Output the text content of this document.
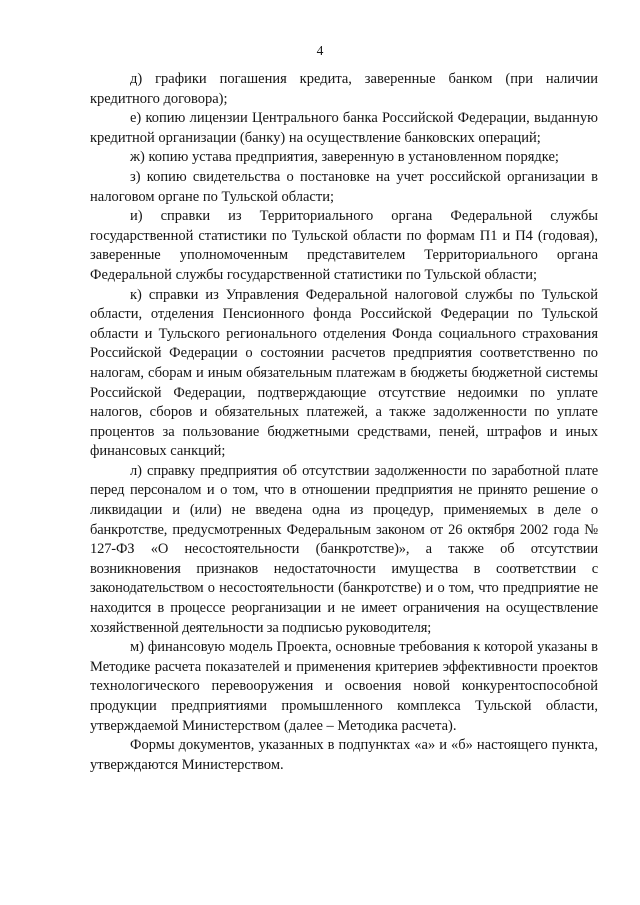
4

д) графики погашения кредита, заверенные банком (при наличии кредитного договора);

е) копию лицензии Центрального банка Российской Федерации, выданную кредитной организации (банку) на осуществление банковских операций;

ж) копию устава предприятия, заверенную в установленном порядке;

з) копию свидетельства о постановке на учет российской организации в налоговом органе по Тульской области;

и) справки из Территориального органа Федеральной службы государственной статистики по Тульской области по формам П1 и П4 (годовая), заверенные уполномоченным представителем Территориального органа Федеральной службы государственной статистики по Тульской области;

к) справки из Управления Федеральной налоговой службы по Тульской области, отделения Пенсионного фонда Российской Федерации по Тульской области и Тульского регионального отделения Фонда социального страхования Российской Федерации о состоянии расчетов предприятия соответственно по налогам, сборам и иным обязательным платежам в бюджеты бюджетной системы Российской Федерации, подтверждающие отсутствие недоимки по уплате налогов, сборов и обязательных платежей, а также задолженности по уплате процентов за пользование бюджетными средствами, пеней, штрафов и иных финансовых санкций;

л) справку предприятия об отсутствии задолженности по заработной плате перед персоналом и о том, что в отношении предприятия не принято решение о ликвидации и (или) не введена одна из процедур, применяемых в деле о банкротстве, предусмотренных Федеральным законом от 26 октября 2002 года № 127-ФЗ «О несостоятельности (банкротстве)», а также об отсутствии возникновения признаков недостаточности имущества в соответствии с законодательством о несостоятельности (банкротстве) и о том, что предприятие не находится в процессе реорганизации и не имеет ограничения на осуществление хозяйственной деятельности за подписью руководителя;

м) финансовую модель Проекта, основные требования к которой указаны в Методике расчета показателей и применения критериев эффективности проектов технологического перевооружения и освоения новой конкурентоспособной продукции предприятиями промышленного комплекса Тульской области, утверждаемой Министерством (далее – Методика расчета).

Формы документов, указанных в подпунктах «а» и «б» настоящего пункта, утверждаются Министерством.
